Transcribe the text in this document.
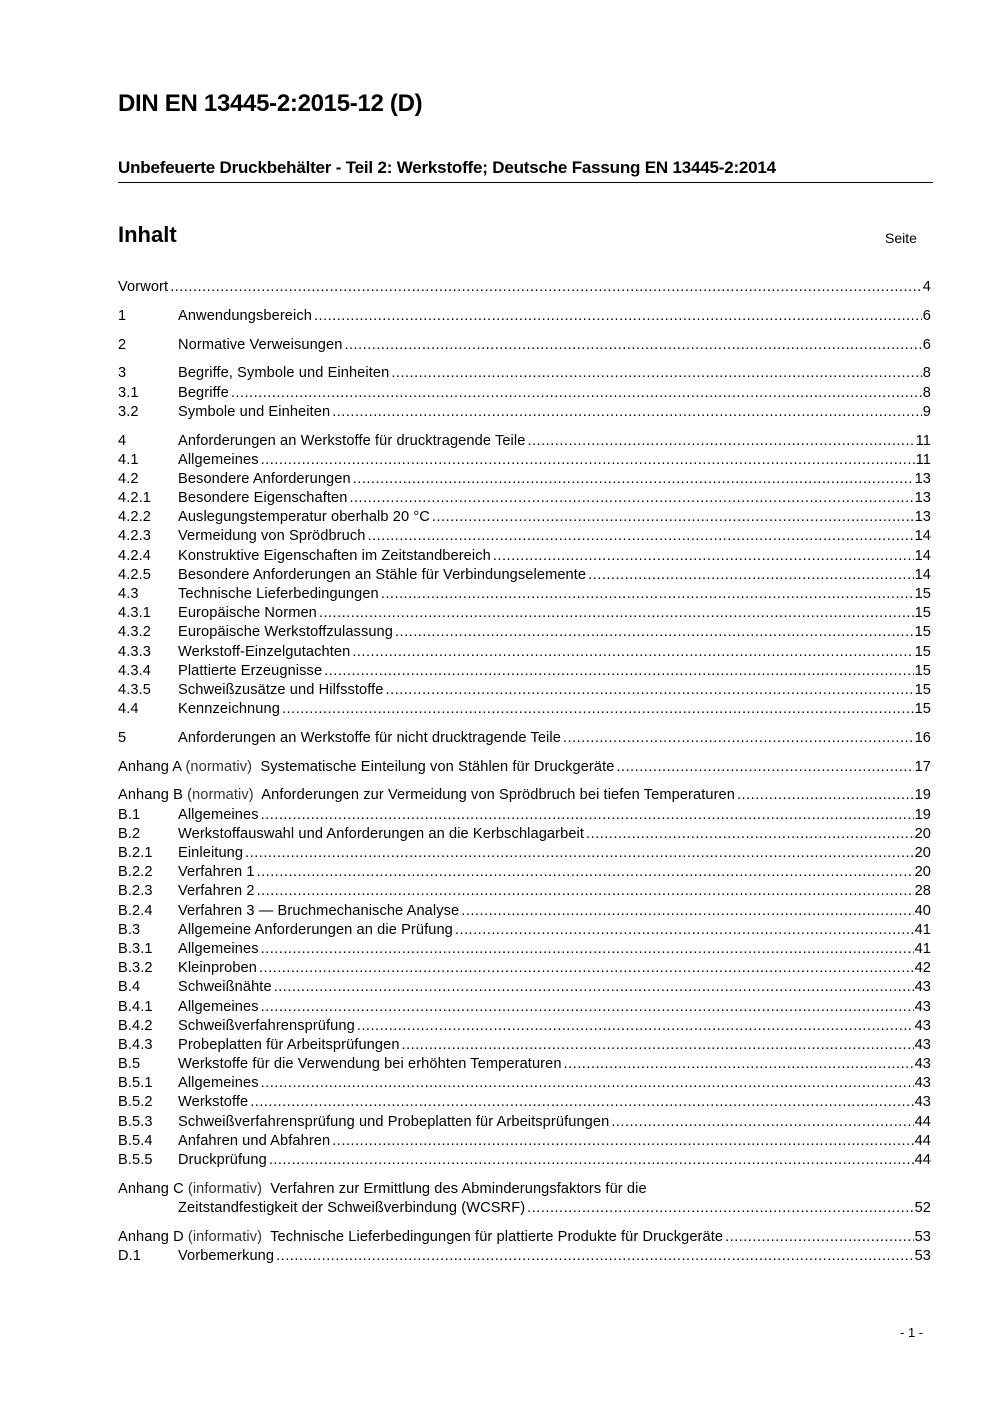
DIN EN 13445-2:2015-12 (D)
Unbefeuerte Druckbehälter - Teil 2: Werkstoffe; Deutsche Fassung EN 13445-2:2014
Inhalt	Seite
Vorwort .....	4
1	Anwendungsbereich .....	6
2	Normative Verweisungen .....	6
3	Begriffe, Symbole und Einheiten .....	8
3.1	Begriffe .....	8
3.2	Symbole und Einheiten .....	9
4	Anforderungen an Werkstoffe für drucktragende Teile .....	11
4.1	Allgemeines .....	11
4.2	Besondere Anforderungen .....	13
4.2.1 Besondere Eigenschaften .....	13
4.2.2 Auslegungstemperatur oberhalb 20 °C .....	13
4.2.3 Vermeidung von Sprödbruch .....	14
4.2.4 Konstruktive Eigenschaften im Zeitstandbereich .....	14
4.2.5 Besondere Anforderungen an Stähle für Verbindungselemente .....	14
4.3	Technische Lieferbedingungen .....	15
4.3.1 Europäische Normen .....	15
4.3.2 Europäische Werkstoffzulassung .....	15
4.3.3 Werkstoff-Einzelgutachten .....	15
4.3.4 Plattierte Erzeugnisse .....	15
4.3.5 Schweißzusätze und Hilfsstoffe .....	15
4.4	Kennzeichnung .....	15
5	Anforderungen an Werkstoffe für nicht drucktragende Teile .....	16
Anhang A (normativ) Systematische Einteilung von Stählen für Druckgeräte .....	17
Anhang B (normativ) Anforderungen zur Vermeidung von Sprödbruch bei tiefen Temperaturen .....	19
B.1	Allgemeines .....	19
B.2	Werkstoffauswahl und Anforderungen an die Kerbschlagarbeit .....	20
B.2.1 Einleitung .....	20
B.2.2 Verfahren 1 .....	20
B.2.3 Verfahren 2 .....	28
B.2.4 Verfahren 3 — Bruchmechanische Analyse .....	40
B.3	Allgemeine Anforderungen an die Prüfung .....	41
B.3.1 Allgemeines .....	41
B.3.2 Kleinproben .....	42
B.4	Schweißnähte .....	43
B.4.1 Allgemeines .....	43
B.4.2 Schweißverfahrensprüfung .....	43
B.4.3 Probeplatten für Arbeitsprüfungen .....	43
B.5	Werkstoffe für die Verwendung bei erhöhten Temperaturen .....	43
B.5.1 Allgemeines .....	43
B.5.2 Werkstoffe .....	43
B.5.3 Schweißverfahrensprüfung und Probeplatten für Arbeitsprüfungen .....	44
B.5.4 Anfahren und Abfahren .....	44
B.5.5 Druckprüfung .....	44
Anhang C (informativ) Verfahren zur Ermittlung des Abminderungsfaktors für die
Zeitstandfestigkeit der Schweißverbindung (WCSRF) .....	52
Anhang D (informativ) Technische Lieferbedingungen für plattierte Produkte für Druckgeräte .....	53
D.1	Vorbemerkung .....	53
- 1 -
